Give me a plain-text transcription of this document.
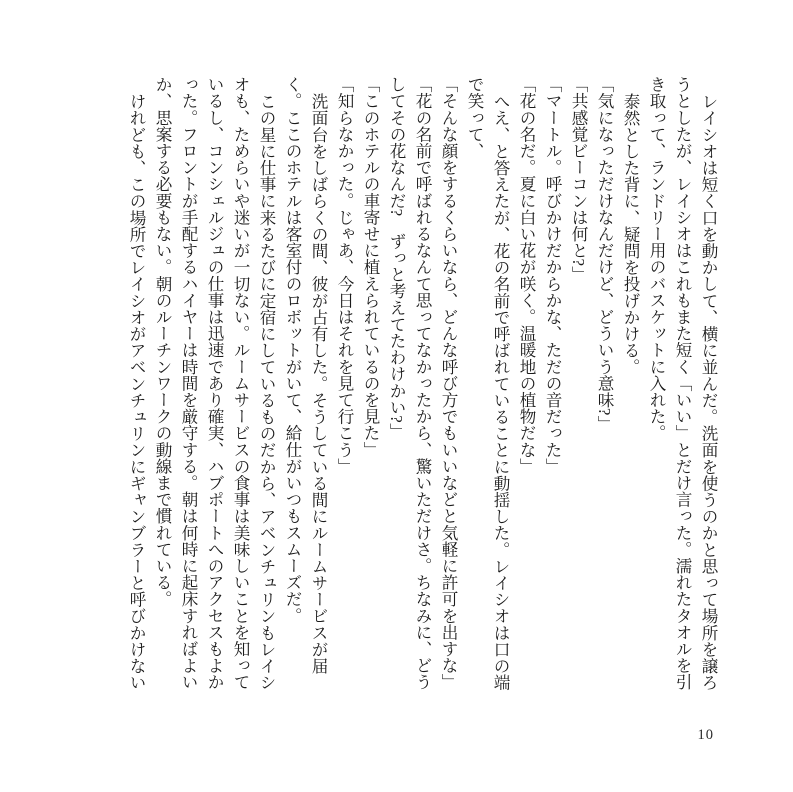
レイシオは短く口を動かして、横に並んだ。洗面を使うのかと思って場所を譲ろうとしたが、レイシオはこれもまた短く「いい」とだけ言った。濡れたタオルを引き取って、ランドリー用のバスケットに入れた。

泰然とした背に、疑問を投げかける。

「気になっただけなんだけど、どういう意味?」

「共感覚ビーコンは何と?」

「マートル。呼びかけだからかな、ただの音だった」

「花の名だ。夏に白い花が咲く。温暖地の植物だな」

へえ、と答えたが、花の名前で呼ばれていることに動揺した。レイシオは口の端で笑って、

「そんな顔をするくらいなら、どんな呼び方でもいいなどと気軽に許可を出すな」

「花の名前で呼ばれるなんて思ってなかったから、驚いただけさ。ちなみに、どうしてその花なんだ?　ずっと考えてたわけかい?」

「このホテルの車寄せに植えられているのを見た」

「知らなかった。じゃあ、今日はそれを見て行こう」

洗面台をしばらくの間、彼が占有した。そうしている間にルームサービスが届く。ここのホテルは客室付のロボットがいて、給仕がいつもスムーズだ。

この星に仕事に来るたびに定宿にしているものだから、アベンチュリンもレイシオも、ためらいや迷いが一切ない。ルームサービスの食事は美味しいことを知っているし、コンシェルジュの仕事は迅速であり確実、ハブポートへのアクセスもよかった。フロントが手配するハイヤーは時間を厳守する。朝は何時に起床すればよいか、思案する必要もない。朝のルーチンワークの動線まで慣れている。

けれども、この場所でレイシオがアベンチュリンにギャンブラーと呼びかけない

10
